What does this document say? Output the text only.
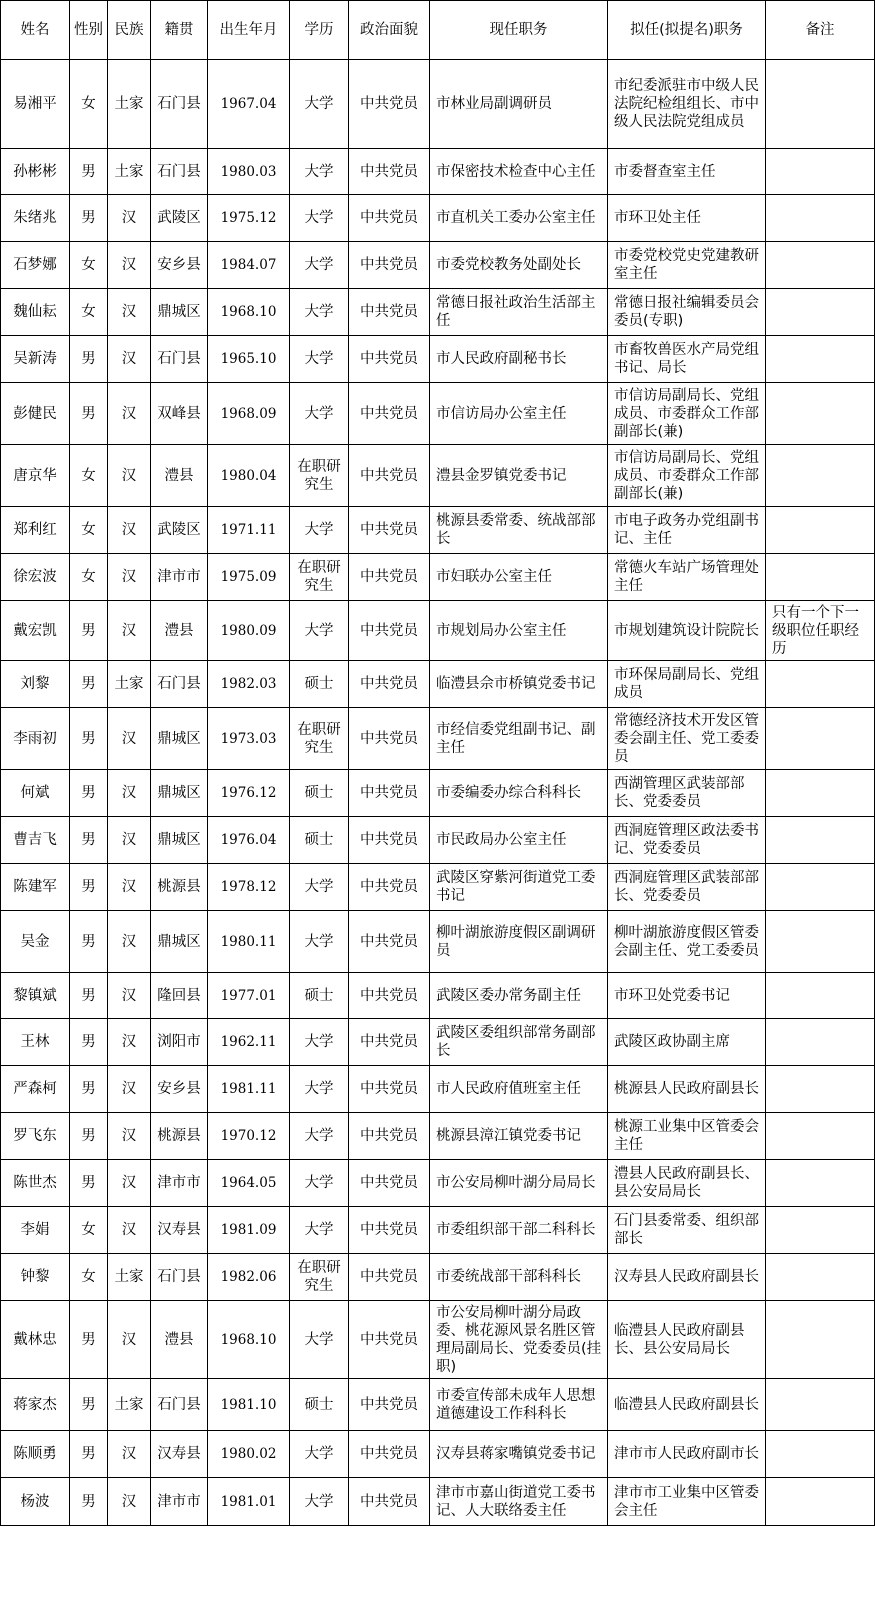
姓名	性别	民族	籍贯	出生年月	学历	政治面貌	现任职务	拟任(拟提名)职务	备注
易湘平	女	土家	石门县	1967.04	大学	中共党员	市林业局副调研员	市纪委派驻市中级人民法院纪检组组长、市中级人民法院党组成员	
孙彬彬	男	土家	石门县	1980.03	大学	中共党员	市保密技术检查中心主任	市委督查室主任	
朱绪兆	男	汉	武陵区	1975.12	大学	中共党员	市直机关工委办公室主任	市环卫处主任	
石梦娜	女	汉	安乡县	1984.07	大学	中共党员	市委党校教务处副处长	市委党校党史党建教研室主任	
魏仙耘	女	汉	鼎城区	1968.10	大学	中共党员	常德日报社政治生活部主任	常德日报社编辑委员会委员(专职)	
吴新涛	男	汉	石门县	1965.10	大学	中共党员	市人民政府副秘书长	市畜牧兽医水产局党组书记、局长	
彭健民	男	汉	双峰县	1968.09	大学	中共党员	市信访局办公室主任	市信访局副局长、党组成员、市委群众工作部副部长(兼)	
唐京华	女	汉	澧县	1980.04	在职研究生	中共党员	澧县金罗镇党委书记	市信访局副局长、党组成员、市委群众工作部副部长(兼)	
郑利红	女	汉	武陵区	1971.11	大学	中共党员	桃源县委常委、统战部部长	市电子政务办党组副书记、主任	
徐宏波	女	汉	津市市	1975.09	在职研究生	中共党员	市妇联办公室主任	常德火车站广场管理处主任	
戴宏凯	男	汉	澧县	1980.09	大学	中共党员	市规划局办公室主任	市规划建筑设计院院长	只有一个下一级职位任职经历
刘黎	男	土家	石门县	1982.03	硕士	中共党员	临澧县佘市桥镇党委书记	市环保局副局长、党组成员	
李雨初	男	汉	鼎城区	1973.03	在职研究生	中共党员	市经信委党组副书记、副主任	常德经济技术开发区管委会副主任、党工委委员	
何斌	男	汉	鼎城区	1976.12	硕士	中共党员	市委编委办综合科科长	西湖管理区武装部部长、党委委员	
曹吉飞	男	汉	鼎城区	1976.04	硕士	中共党员	市民政局办公室主任	西洞庭管理区政法委书记、党委委员	
陈建军	男	汉	桃源县	1978.12	大学	中共党员	武陵区穿紫河街道党工委书记	西洞庭管理区武装部部长、党委委员	
吴金	男	汉	鼎城区	1980.11	大学	中共党员	柳叶湖旅游度假区副调研员	柳叶湖旅游度假区管委会副主任、党工委委员	
黎镇斌	男	汉	隆回县	1977.01	硕士	中共党员	武陵区委办常务副主任	市环卫处党委书记	
王林	男	汉	浏阳市	1962.11	大学	中共党员	武陵区委组织部常务副部长	武陵区政协副主席	
严森柯	男	汉	安乡县	1981.11	大学	中共党员	市人民政府值班室主任	桃源县人民政府副县长	
罗飞东	男	汉	桃源县	1970.12	大学	中共党员	桃源县漳江镇党委书记	桃源工业集中区管委会主任	
陈世杰	男	汉	津市市	1964.05	大学	中共党员	市公安局柳叶湖分局局长	澧县人民政府副县长、县公安局局长	
李娟	女	汉	汉寿县	1981.09	大学	中共党员	市委组织部干部二科科长	石门县委常委、组织部部长	
钟黎	女	土家	石门县	1982.06	在职研究生	中共党员	市委统战部干部科科长	汉寿县人民政府副县长	
戴林忠	男	汉	澧县	1968.10	大学	中共党员	市公安局柳叶湖分局政委、桃花源风景名胜区管理局副局长、党委委员(挂职)	临澧县人民政府副县长、县公安局局长	
蒋家杰	男	土家	石门县	1981.10	硕士	中共党员	市委宣传部未成年人思想道德建设工作科科长	临澧县人民政府副县长	
陈顺勇	男	汉	汉寿县	1980.02	大学	中共党员	汉寿县蒋家嘴镇党委书记	津市市人民政府副市长	
杨波	男	汉	津市市	1981.01	大学	中共党员	津市市嘉山街道党工委书记、人大联络委主任	津市市工业集中区管委会主任	
